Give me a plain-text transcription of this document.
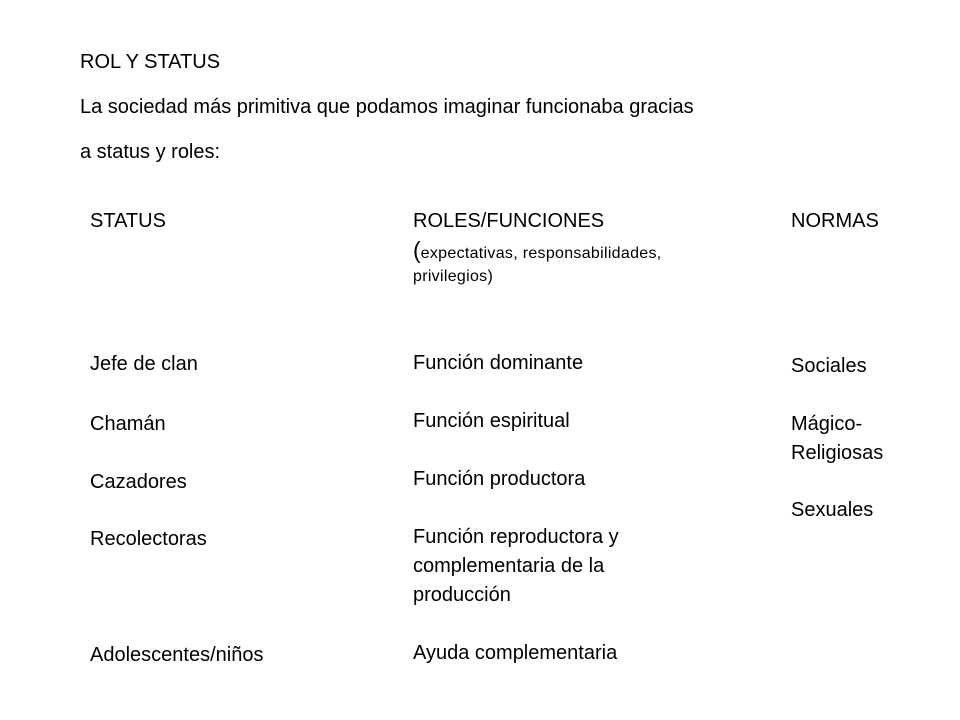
ROL Y STATUS

La sociedad más primitiva que podamos imaginar funcionaba gracias

a status y roles:

STATUS

Jefe de clan

Chamán

Cazadores

Recolectoras

Adolescentes/niños

ROLES/FUNCIONES

(expectativas, responsabilidades,

privilegios)

Función dominante

Función espiritual

Función productora

Función reproductora y

complementaria de la

producción

Ayuda complementaria

NORMAS

Sociales

Mágico-

Religiosas

Sexuales
